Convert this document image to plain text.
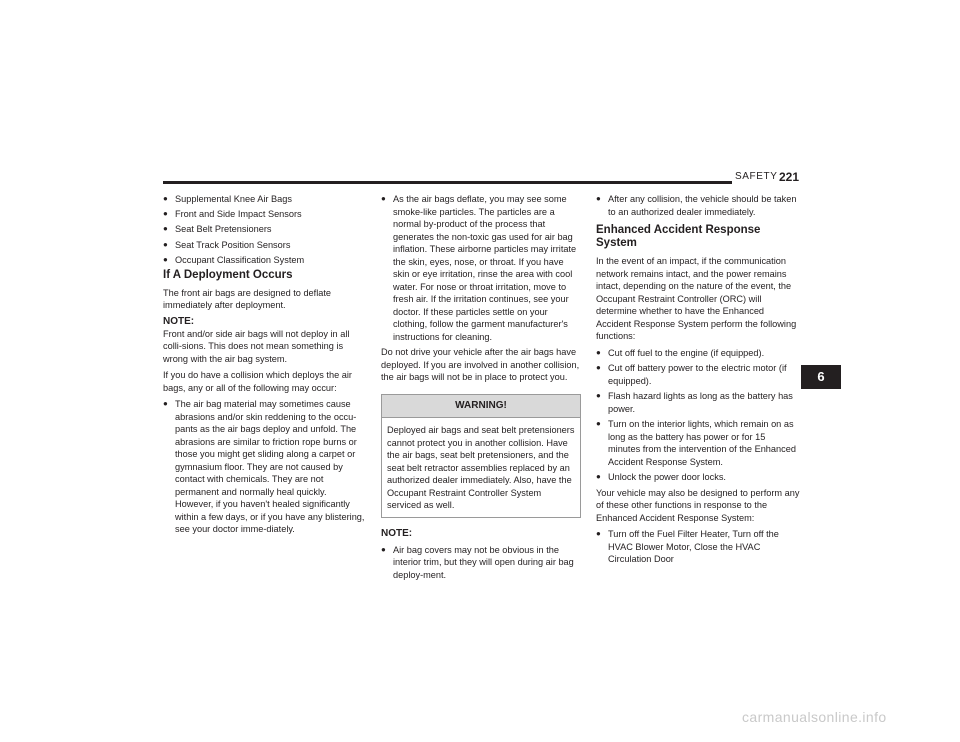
SAFETY 221
● Supplemental Knee Air Bags
● Front and Side Impact Sensors
● Seat Belt Pretensioners
● Seat Track Position Sensors
● Occupant Classification System
If A Deployment Occurs

The front air bags are designed to deflate immediately after deployment.

NOTE:

Front and/or side air bags will not deploy in all colli-sions. This does not mean something is wrong with the air bag system.

If you do have a collision which deploys the air bags, any or all of the following may occur:

● The air bag material may sometimes cause abrasions and/or skin reddening to the occu-pants as the air bags deploy and unfold. The abrasions are similar to friction rope burns or those you might get sliding along a carpet or gymnasium floor. They are not caused by contact with chemicals. They are not permanent and normally heal quickly. However, if you haven't healed significantly within a few days, or if you have any blistering, see your doctor imme-diately.
● As the air bags deflate, you may see some smoke-like particles. The particles are a normal by-product of the process that generates the non-toxic gas used for air bag inflation. These airborne particles may irritate the skin, eyes, nose, or throat. If you have skin or eye irritation, rinse the area with cool water. For nose or throat irritation, move to fresh air. If the irritation continues, see your doctor. If these particles settle on your clothing, follow the garment manufacturer's instructions for cleaning.

Do not drive your vehicle after the air bags have deployed. If you are involved in another collision, the air bags will not be in place to protect you.

WARNING!
Deployed air bags and seat belt pretensioners cannot protect you in another collision. Have the air bags, seat belt pretensioners, and the seat belt retractor assemblies replaced by an authorized dealer immediately. Also, have the Occupant Restraint Controller System serviced as well.
NOTE:
● Air bag covers may not be obvious in the interior trim, but they will open during air bag deploy-ment.
● After any collision, the vehicle should be taken to an authorized dealer immediately.
Enhanced Accident Response System

In the event of an impact, if the communication network remains intact, and the power remains intact, depending on the nature of the event, the Occupant Restraint Controller (ORC) will determine whether to have the Enhanced Accident Response System perform the following functions:

● Cut off fuel to the engine (if equipped).
● Cut off battery power to the electric motor (if equipped).
● Flash hazard lights as long as the battery has power.
● Turn on the interior lights, which remain on as long as the battery has power or for 15 minutes from the intervention of the Enhanced Accident Response System.
● Unlock the power door locks.

Your vehicle may also be designed to perform any of these other functions in response to the Enhanced Accident Response System:

● Turn off the Fuel Filter Heater, Turn off the HVAC Blower Motor, Close the HVAC Circulation Door
6
carmanualsonline.info
